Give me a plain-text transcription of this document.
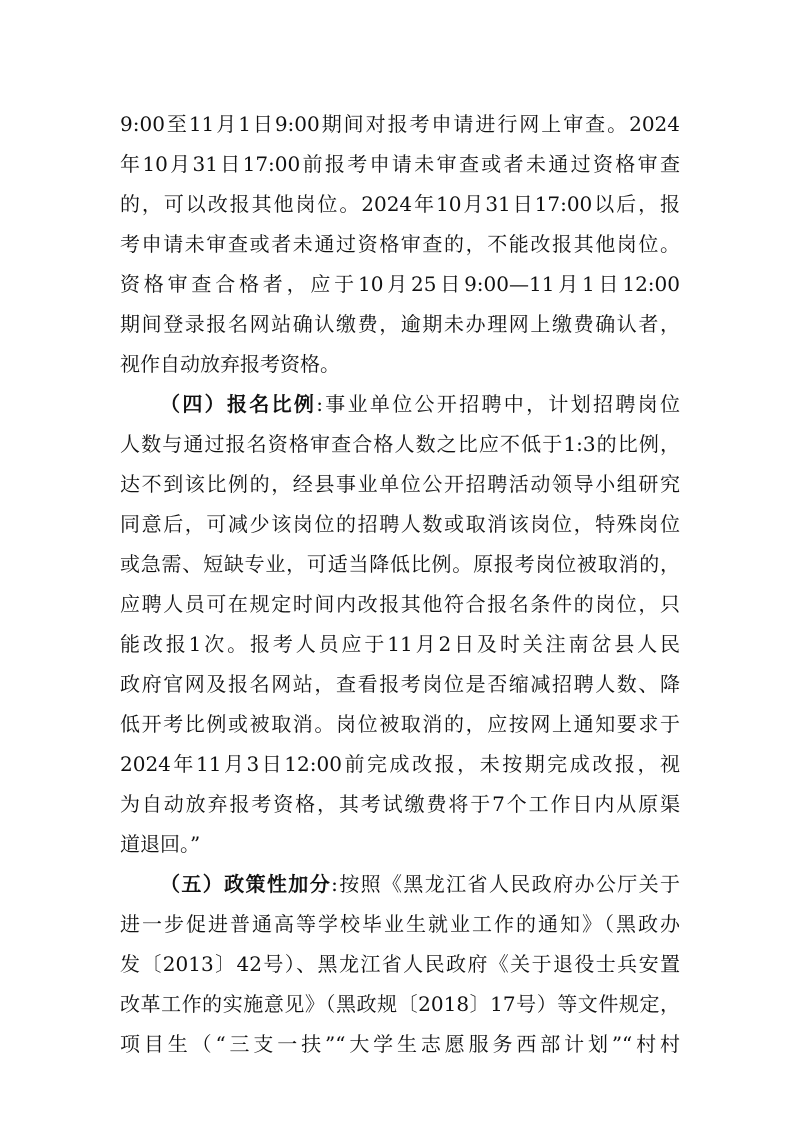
9:00至11月1日9:00期间对报考申请进行网上审查。2024
年10月31日17:00前报考申请未审查或者未通过资格审查
的，可以改报其他岗位。2024年10月31日17:00以后，报
考申请未审查或者未通过资格审查的，不能改报其他岗位。
资格审查合格者，应于10月25日9:00—11月1日12:00
期间登录报名网站确认缴费，逾期未办理网上缴费确认者，
视作自动放弃报考资格。
（四）报名比例:事业单位公开招聘中，计划招聘岗位
人数与通过报名资格审查合格人数之比应不低于1:3的比例，
达不到该比例的，经县事业单位公开招聘活动领导小组研究
同意后，可减少该岗位的招聘人数或取消该岗位，特殊岗位
或急需、短缺专业，可适当降低比例。原报考岗位被取消的，
应聘人员可在规定时间内改报其他符合报名条件的岗位，只
能改报1次。报考人员应于11月2日及时关注南岔县人民
政府官网及报名网站，查看报考岗位是否缩减招聘人数、降
低开考比例或被取消。岗位被取消的，应按网上通知要求于
2024年11月3日12:00前完成改报，未按期完成改报，视
为自动放弃报考资格，其考试缴费将于7个工作日内从原渠
道退回。”
（五）政策性加分:按照《黑龙江省人民政府办公厅关于
进一步促进普通高等学校毕业生就业工作的通知》（黑政办
发〔2013〕42号）、黑龙江省人民政府《关于退役士兵安置
改革工作的实施意见》（黑政规〔2018〕17号）等文件规定，
项目生（“三支一扶”“大学生志愿服务西部计划”“村村
